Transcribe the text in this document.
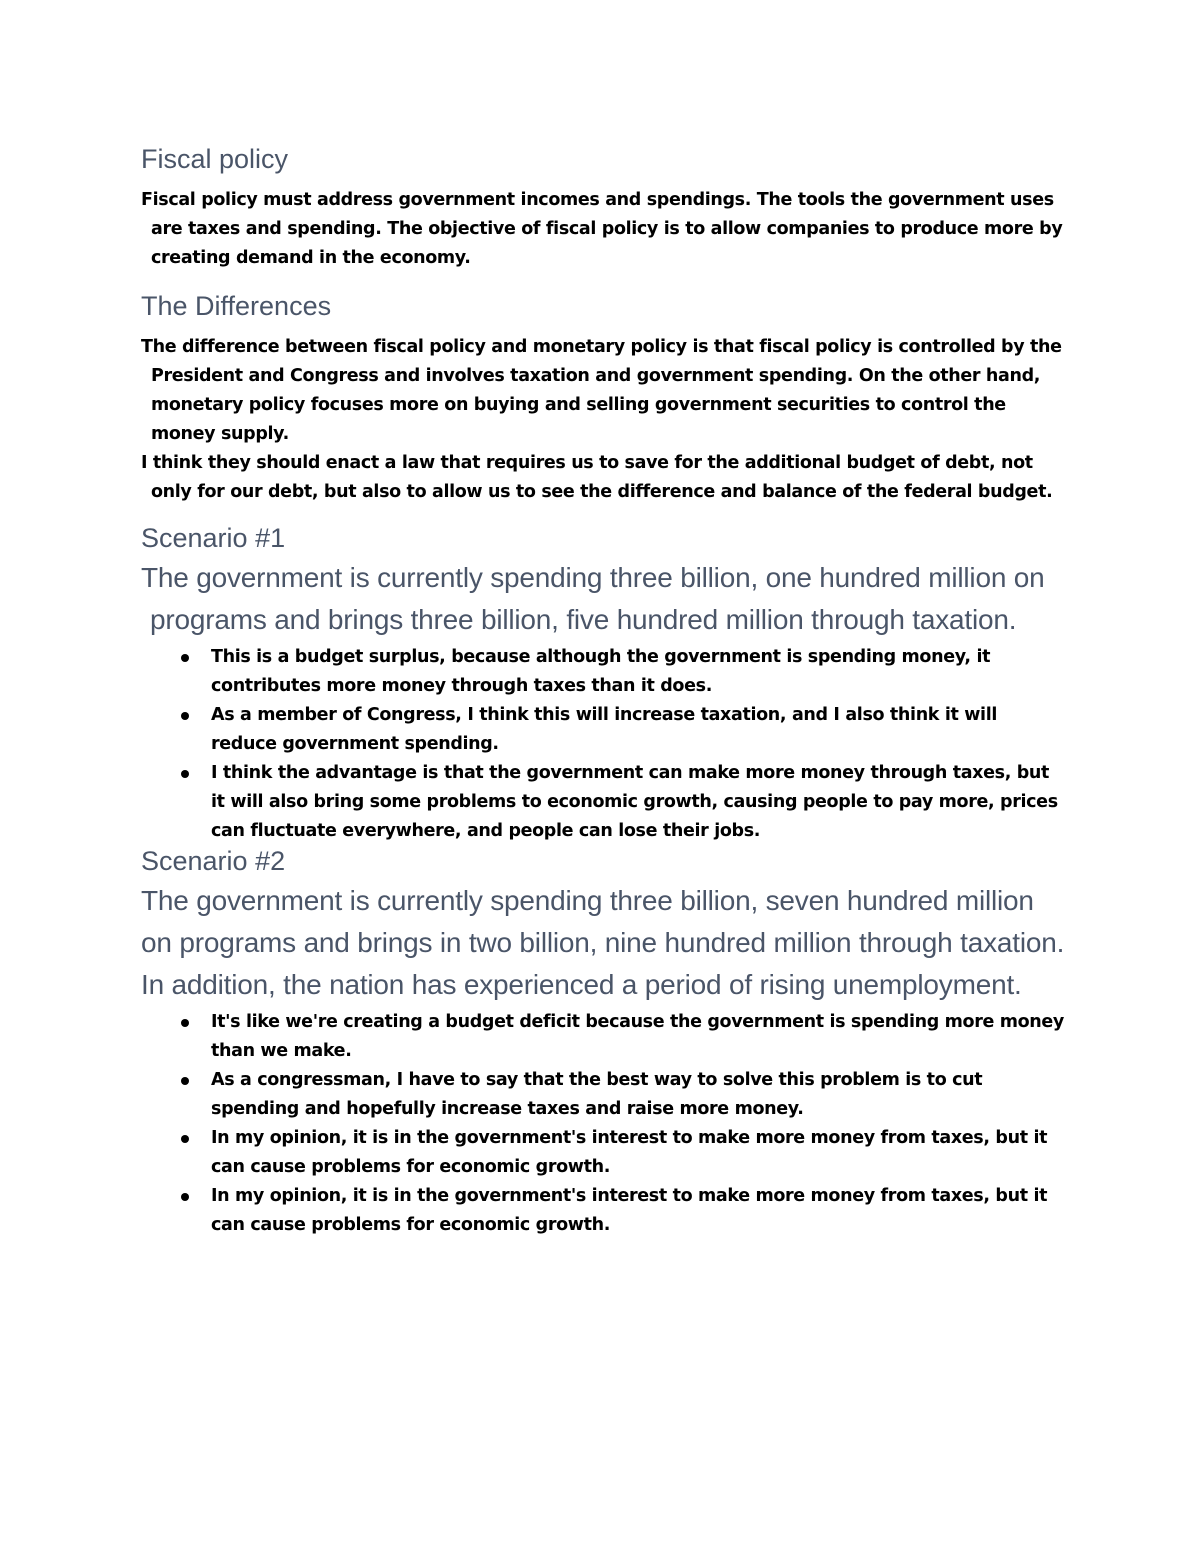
Fiscal policy

Fiscal policy must address government incomes and spendings. The tools the government uses are taxes and spending. The objective of fiscal policy is to allow companies to produce more by creating demand in the economy.

The Differences

The difference between fiscal policy and monetary policy is that fiscal policy is controlled by the President and Congress and involves taxation and government spending. On the other hand, monetary policy focuses more on buying and selling government securities to control the money supply.

I think they should enact a law that requires us to save for the additional budget of debt, not only for our debt, but also to allow us to see the difference and balance of the federal budget.

Scenario #1

The government is currently spending three billion, one hundred million on programs and brings three billion, five hundred million through taxation.

This is a budget surplus, because although the government is spending money, it contributes more money through taxes than it does.
As a member of Congress, I think this will increase taxation, and I also think it will reduce government spending.
I think the advantage is that the government can make more money through taxes, but it will also bring some problems to economic growth, causing people to pay more, prices can fluctuate everywhere, and people can lose their jobs.
Scenario #2

The government is currently spending three billion, seven hundred million on programs and brings in two billion, nine hundred million through taxation. In addition, the nation has experienced a period of rising unemployment.

It's like we're creating a budget deficit because the government is spending more money than we make.
As a congressman, I have to say that the best way to solve this problem is to cut spending and hopefully increase taxes and raise more money.
In my opinion, it is in the government's interest to make more money from taxes, but it can cause problems for economic growth.
In my opinion, it is in the government's interest to make more money from taxes, but it can cause problems for economic growth.
